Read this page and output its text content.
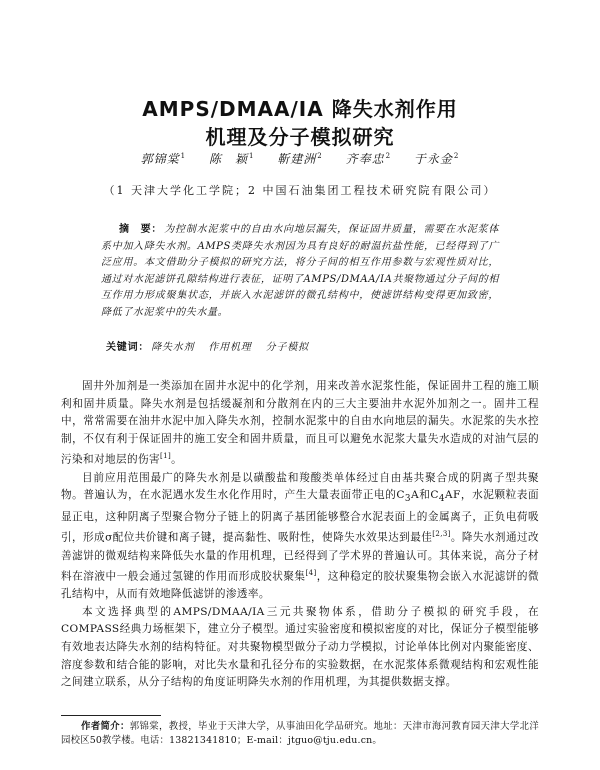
AMPS/DMAA/IA 降失水剂作用
机理及分子模拟研究
郭锦棠$^1$ 陈　颖$^1$ 靳建洲$^2$ 齐奉忠$^2$ 于永金$^2$
（1 天津大学化工学院；2 中国石油集团工程技术研究院有限公司）

摘　要： 为控制水泥浆中的自由水向地层漏失，保证固井质量，需要在水泥浆体系中加入降失水剂。AMPS类降失水剂因为具有良好的耐温抗盐性能，已经得到了广泛应用。本文借助分子模拟的研究方法，将分子间的相互作用参数与宏观性质对比，通过对水泥滤饼孔隙结构进行表征，证明了AMPS/DMAA/IA共聚物通过分子间的相互作用力形成聚集状态，并嵌入水泥滤饼的微孔结构中，使滤饼结构变得更加致密，降低了水泥浆中的失水量。

关键词： 降失水剂 作用机理 分子模拟

固井外加剂是一类添加在固井水泥中的化学剂，用来改善水泥浆性能，保证固井工程的施工顺利和固井质量。降失水剂是包括缓凝剂和分散剂在内的三大主要油井水泥外加剂之一。固井工程中，常常需要在油井水泥中加入降失水剂，控制水泥浆中的自由水向地层的漏失。水泥浆的失水控制，不仅有利于保证固井的施工安全和固井质量，而且可以避免水泥浆大量失水造成的对油气层的污染和对地层的伤害[1]。

目前应用范围最广的降失水剂是以磺酸盐和羧酸类单体经过自由基共聚合成的阴离子型共聚物。普遍认为，在水泥遇水发生水化作用时，产生大量表面带正电的$C_3A$和$C_4AF$，水泥颗粒表面显正电，这种阴离子型聚合物分子链上的阴离子基团能够整合水泥表面上的金属离子，正负电荷吸引，形成σ配位共价键和离子键，提高黏性、吸附性，使降失水效果达到最佳[2,3]。降失水剂通过改善滤饼的微观结构来降低失水量的作用机理，已经得到了学术界的普遍认可。其体来说，高分子材料在溶液中一般会通过氢键的作用而形成胶状聚集[4]，这种稳定的胶状聚集物会嵌入水泥滤饼的微孔结构中，从而有效地降低滤饼的渗透率。

本文选择典型的AMPS/DMAA/IA三元共聚物体系，借助分子模拟的研究手段，在COMPASS经典力场框架下，建立分子模型。通过实验密度和模拟密度的对比，保证分子模型能够有效地表达降失水剂的结构特征。对共聚物模型做分子动力学模拟，讨论单体比例对内聚能密度、溶度参数和结合能的影响，对比失水量和孔径分布的实验数据，在水泥浆体系微观结构和宏观性能之间建立联系，从分子结构的角度证明降失水剂的作用机理，为其提供数据支撑。

作者简介：郭锦棠，教授，毕业于天津大学，从事油田化学品研究。地址：天津市海河教育园天津大学北洋园校区50教学楼。电话：13821341810；E-mail：jtguo@tju.edu.cn。
